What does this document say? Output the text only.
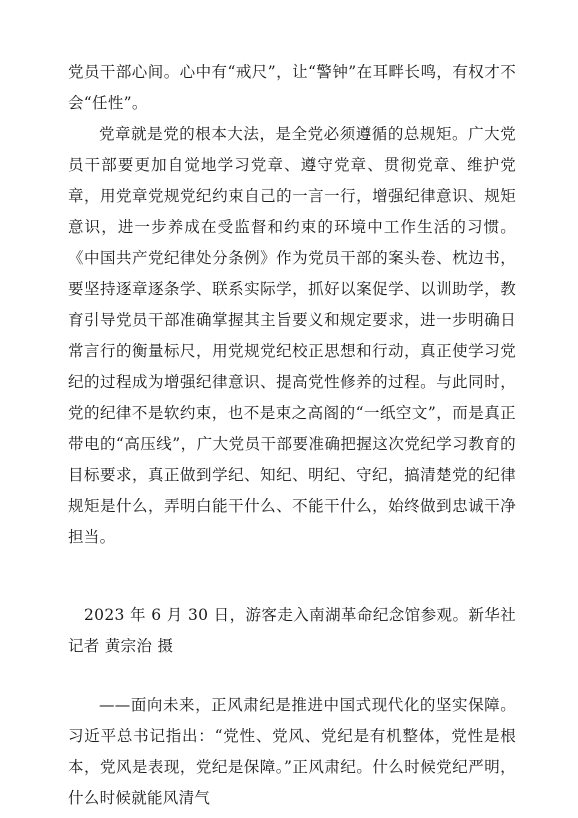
党员干部心间。心中有“戒尺”，让“警钟”在耳畔长鸣，有权才不会“任性”。

党章就是党的根本大法，是全党必须遵循的总规矩。广大党员干部要更加自觉地学习党章、遵守党章、贯彻党章、维护党章，用党章党规党纪约束自己的一言一行，增强纪律意识、规矩意识，进一步养成在受监督和约束的环境中工作生活的习惯。《中国共产党纪律处分条例》作为党员干部的案头卷、枕边书，要坚持逐章逐条学、联系实际学，抓好以案促学、以训助学，教育引导党员干部准确掌握其主旨要义和规定要求，进一步明确日常言行的衡量标尺，用党规党纪校正思想和行动，真正使学习党纪的过程成为增强纪律意识、提高党性修养的过程。与此同时，党的纪律不是软约束，也不是束之高阁的“一纸空文”，而是真正带电的“高压线”，广大党员干部要准确把握这次党纪学习教育的目标要求，真正做到学纪、知纪、明纪、守纪，搞清楚党的纪律规矩是什么，弄明白能干什么、不能干什么，始终做到忠诚干净担当。

2023 年 6 月 30 日，游客走入南湖革命纪念馆参观。新华社记者 黄宗治 摄

——面向未来，正风肃纪是推进中国式现代化的坚实保障。习近平总书记指出：“党性、党风、党纪是有机整体，党性是根本，党风是表现，党纪是保障。”正风肃纪。什么时候党纪严明，什么时候就能风清气
